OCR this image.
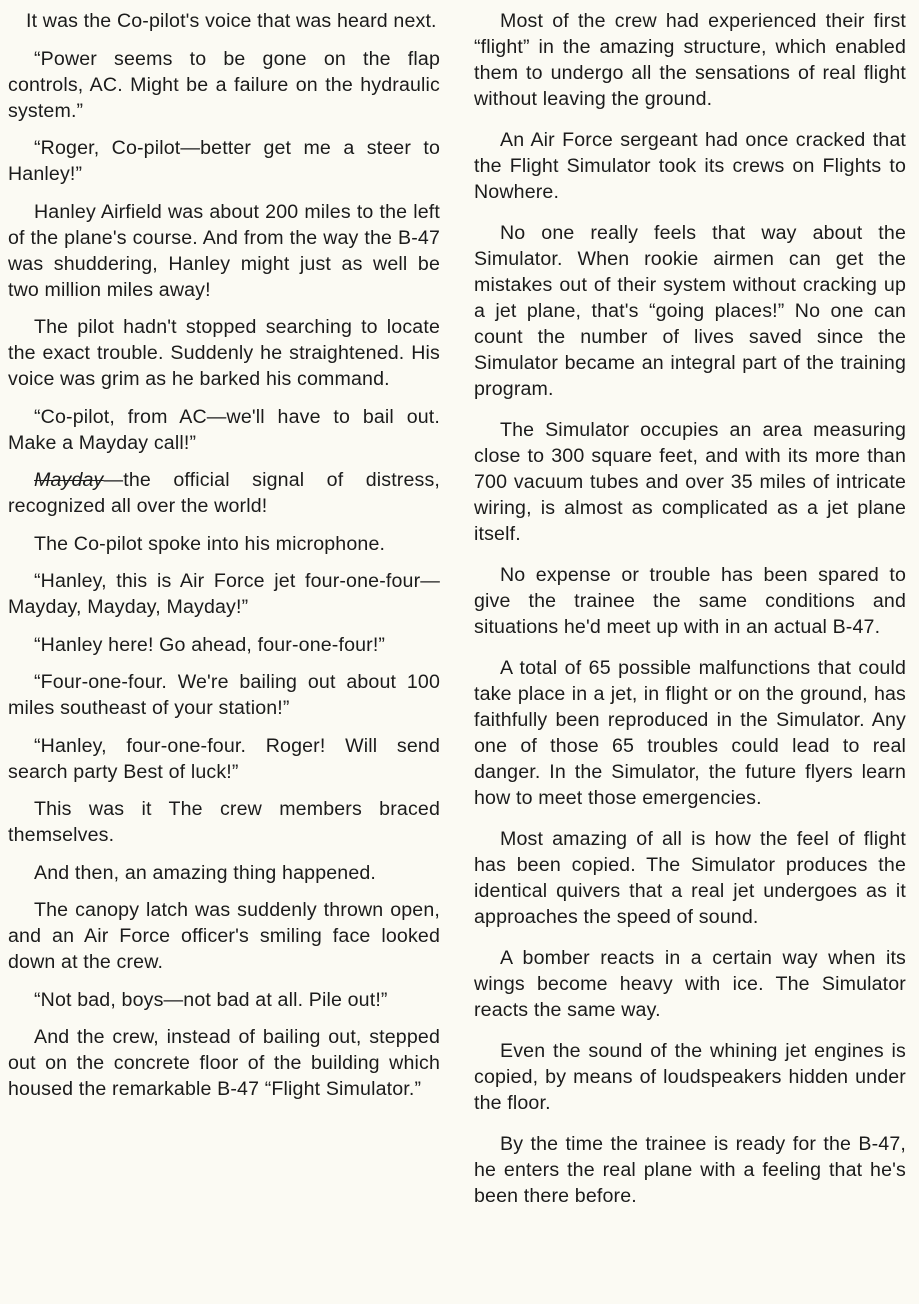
It was the Co-pilot's voice that was heard next.

“Power seems to be gone on the flap controls, AC. Might be a failure on the hydraulic system.”

“Roger, Co-pilot—better get me a steer to Hanley!”

Hanley Airfield was about 200 miles to the left of the plane's course. And from the way the B-47 was shuddering, Hanley might just as well be two million miles away!

The pilot hadn't stopped searching to locate the exact trouble. Suddenly he straightened. His voice was grim as he barked his command.

“Co-pilot, from AC—we'll have to bail out. Make a Mayday call!”

Mayday—the official signal of distress, recognized all over the world!

The Co-pilot spoke into his microphone.

“Hanley, this is Air Force jet four-one-four—Mayday, Mayday, Mayday!”

“Hanley here! Go ahead, four-one-four!”

“Four-one-four. We're bailing out about 100 miles southeast of your station!”

“Hanley, four-one-four. Roger! Will send search party Best of luck!”

This was it The crew members braced themselves.

And then, an amazing thing happened.

The canopy latch was suddenly thrown open, and an Air Force officer's smiling face looked down at the crew.

“Not bad, boys—not bad at all. Pile out!”

And the crew, instead of bailing out, stepped out on the concrete floor of the building which housed the remarkable B-47 “Flight Simulator.”

Most of the crew had experienced their first “flight” in the amazing structure, which enabled them to undergo all the sensations of real flight without leaving the ground.

An Air Force sergeant had once cracked that the Flight Simulator took its crews on Flights to Nowhere.

No one really feels that way about the Simulator. When rookie airmen can get the mistakes out of their system without cracking up a jet plane, that's “going places!” No one can count the number of lives saved since the Simulator became an integral part of the training program.

The Simulator occupies an area measuring close to 300 square feet, and with its more than 700 vacuum tubes and over 35 miles of intricate wiring, is almost as complicated as a jet plane itself.

No expense or trouble has been spared to give the trainee the same conditions and situations he'd meet up with in an actual B-47.

A total of 65 possible malfunctions that could take place in a jet, in flight or on the ground, has faithfully been reproduced in the Simulator. Any one of those 65 troubles could lead to real danger. In the Simulator, the future flyers learn how to meet those emergencies.

Most amazing of all is how the feel of flight has been copied. The Simulator produces the identical quivers that a real jet undergoes as it approaches the speed of sound.

A bomber reacts in a certain way when its wings become heavy with ice. The Simulator reacts the same way.

Even the sound of the whining jet engines is copied, by means of loudspeakers hidden under the floor.

By the time the trainee is ready for the B-47, he enters the real plane with a feeling that he's been there before.
